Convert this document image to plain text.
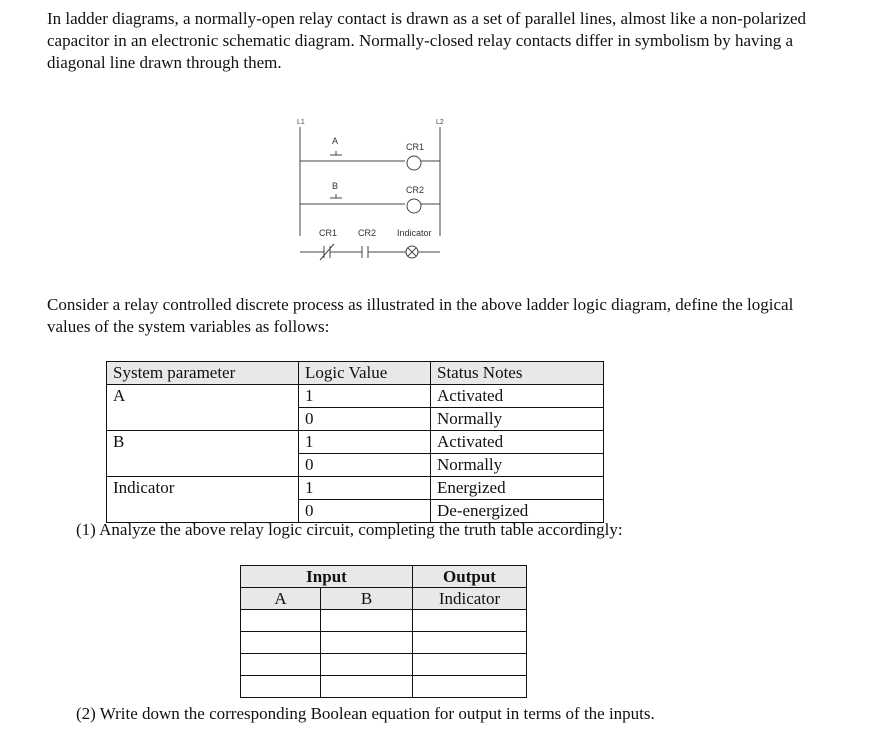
In ladder diagrams, a normally-open relay contact is drawn as a set of parallel lines, almost like a non-polarized capacitor in an electronic schematic diagram. Normally-closed relay contacts differ in symbolism by having a diagonal line drawn through them.

L1	L2
A
CR1
B	CR2
CR1 CR2 Indicator

Consider a relay controlled discrete process as illustrated in the above ladder logic diagram, define the logical values of the system variables as follows:

System parameter	Logic Value	Status Notes
A	1	Activated
	0	Normally
B	1	Activated
	0	Normally
Indicator	1	Energized
	0	De-energized

(1) Analyze the above relay logic circuit, completing the truth table accordingly:

Input		Output
A	B	Indicator

(2) Write down the corresponding Boolean equation for output in terms of the inputs.
